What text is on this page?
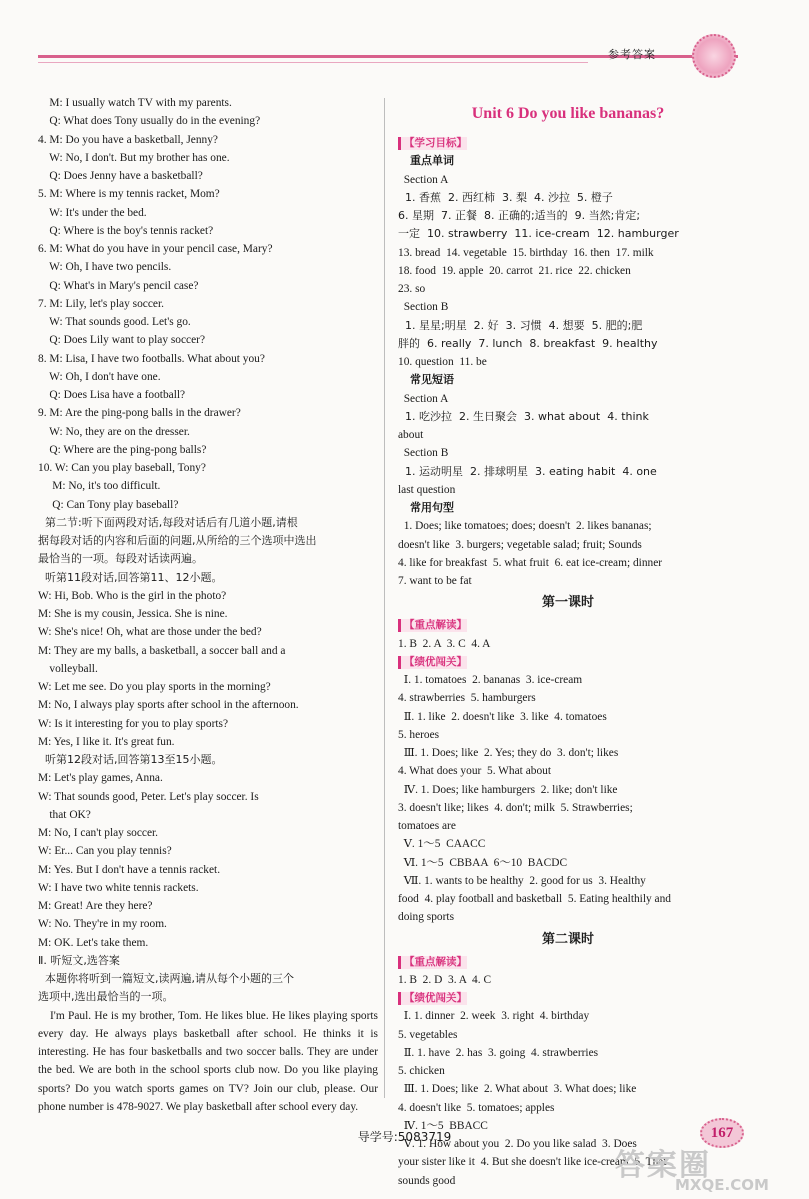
参考答案
M: I usually watch TV with my parents.
Q: What does Tony usually do in the evening?
4. M: Do you have a basketball, Jenny?
W: No, I don't. But my brother has one.
Q: Does Jenny have a basketball?
5. M: Where is my tennis racket, Mom?
W: It's under the bed.
Q: Where is the boy's tennis racket?
6. M: What do you have in your pencil case, Mary?
W: Oh, I have two pencils.
Q: What's in Mary's pencil case?
7. M: Lily, let's play soccer.
W: That sounds good. Let's go.
Q: Does Lily want to play soccer?
8. M: Lisa, I have two footballs. What about you?
W: Oh, I don't have one.
Q: Does Lisa have a football?
9. M: Are the ping-pong balls in the drawer?
W: No, they are on the dresser.
Q: Where are the ping-pong balls?
10. W: Can you play baseball, Tony?
M: No, it's too difficult.
Q: Can Tony play baseball?
第二节:听下面两段对话,每段对话后有几道小题,请根
据每段对话的内容和后面的问题,从所给的三个选项中选出
最恰当的一项。每段对话读两遍。
听第11段对话,回答第11、12小题。
W: Hi, Bob. Who is the girl in the photo?
M: She is my cousin, Jessica. She is nine.
W: She's nice! Oh, what are those under the bed?
M: They are my balls, a basketball, a soccer ball and a
volleyball.
W: Let me see. Do you play sports in the morning?
M: No, I always play sports after school in the afternoon.
W: Is it interesting for you to play sports?
M: Yes, I like it. It's great fun.
听第12段对话,回答第13至15小题。
M: Let's play games, Anna.
W: That sounds good, Peter. Let's play soccer. Is
that OK?
M: No, I can't play soccer.
W: Er... Can you play tennis?
M: Yes. But I don't have a tennis racket.
W: I have two white tennis rackets.
M: Great! Are they here?
W: No. They're in my room.
M: OK. Let's take them.
Ⅱ. 听短文,选答案
本题你将听到一篇短文,读两遍,请从每个小题的三个
选项中,选出最恰当的一项。
I'm Paul. He is my brother, Tom. He likes blue. He likes playing sports every day. He always plays basketball after school. He thinks it is interesting. He has four basketballs and two soccer balls. They are under the bed. We are both in the school sports club now. Do you like playing sports? Do you watch sports games on TV? Join our club, please. Our phone number is 478-9027. We play basketball after school every day.
Unit 6 Do you like bananas?
【学习目标】
重点单词
Section A
1. 香蕉  2. 西红柿  3. 梨  4. 沙拉  5. 橙子
6. 星期  7. 正餐  8. 正确的;适当的  9. 当然;肯定;
一定  10. strawberry  11. ice-cream  12. hamburger
13. bread  14. vegetable  15. birthday  16. then  17. milk
18. food  19. apple  20. carrot  21. rice  22. chicken
23. so
Section B
1. 星星;明星  2. 好  3. 习惯  4. 想要  5. 肥的;肥
胖的  6. really  7. lunch  8. breakfast  9. healthy
10. question  11. be
常见短语
Section A
1. 吃沙拉  2. 生日聚会  3. what about  4. think
about
Section B
1. 运动明星  2. 排球明星  3. eating habit  4. one
last question
常用句型
1. Does; like tomatoes; does; doesn't  2. likes bananas;
doesn't like  3. burgers; vegetable salad; fruit; Sounds
4. like for breakfast  5. what fruit  6. eat ice-cream; dinner
7. want to be fat
第一课时
【重点解读】
1. B  2. A  3. C  4. A
【绩优闯关】
Ⅰ. 1. tomatoes  2. bananas  3. ice-cream
4. strawberries  5. hamburgers
Ⅱ. 1. like  2. doesn't like  3. like  4. tomatoes
5. heroes
Ⅲ. 1. Does; like  2. Yes; they do  3. don't; likes
4. What does your  5. What about
Ⅳ. 1. Does; like hamburgers  2. like; don't like
3. doesn't like; likes  4. don't; milk  5. Strawberries;
tomatoes are
Ⅴ. 1～5  CAACC
Ⅵ. 1～5  CBBAA  6～10  BACDC
Ⅶ. 1. wants to be healthy  2. good for us  3. Healthy
food  4. play football and basketball  5. Eating healthily and
doing sports
第二课时
【重点解读】
1. B  2. D  3. A  4. C
【绩优闯关】
Ⅰ. 1. dinner  2. week  3. right  4. birthday
5. vegetables
Ⅱ. 1. have  2. has  3. going  4. strawberries
5. chicken
Ⅲ. 1. Does; like  2. What about  3. What does; like
4. doesn't like  5. tomatoes; apples
Ⅳ. 1～5  BBACC
Ⅴ. 1. How about you  2. Do you like salad  3. Does
your sister like it  4. But she doesn't like ice-cream  5. That
sounds good
导学号:5083719	167
答案圈
MXQE.COM
